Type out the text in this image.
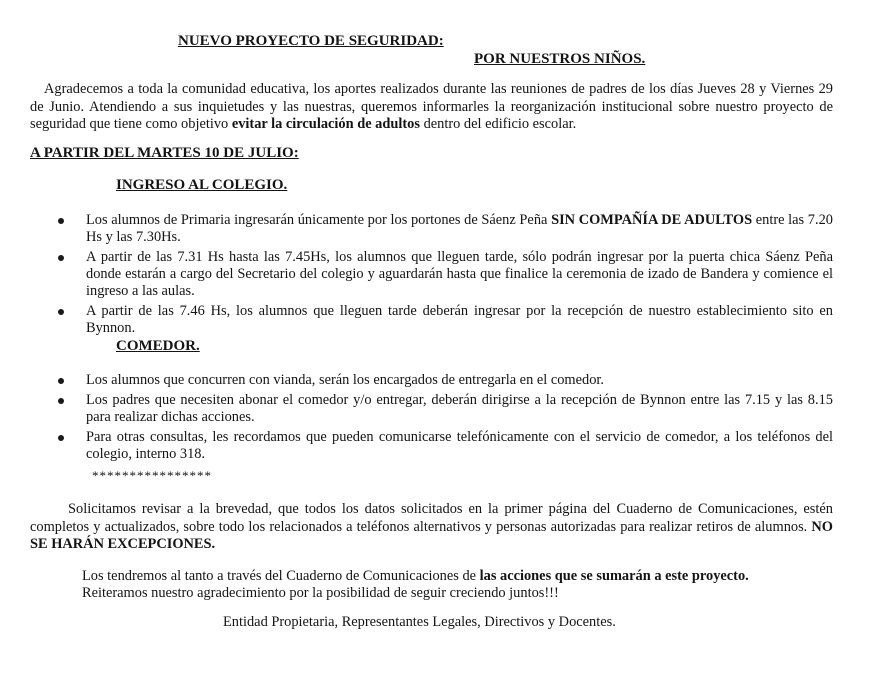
NUEVO PROYECTO DE SEGURIDAD:
POR NUESTROS NIÑOS.
Agradecemos a toda la comunidad educativa, los aportes realizados durante las reuniones de padres de los días Jueves 28 y Viernes 29 de Junio. Atendiendo a sus inquietudes y las nuestras, queremos informarles la reorganización institucional sobre nuestro proyecto de seguridad que tiene como objetivo evitar la circulación de adultos dentro del edificio escolar.
A PARTIR DEL MARTES 10 DE JULIO:
INGRESO AL COLEGIO.
Los alumnos de Primaria ingresarán únicamente por los portones de Sáenz Peña SIN COMPAÑÍA DE ADULTOS entre las 7.20 Hs y las 7.30Hs.
A partir de las 7.31 Hs hasta las 7.45Hs, los alumnos que lleguen tarde, sólo podrán ingresar por la puerta chica Sáenz Peña donde estarán a cargo del Secretario del colegio y aguardarán hasta que finalice la ceremonia de izado de Bandera y comience el ingreso a las aulas.
A partir de las 7.46 Hs, los alumnos que lleguen tarde deberán ingresar por la recepción de nuestro establecimiento sito en Bynnon.
COMEDOR.
Los alumnos que concurren con vianda, serán los encargados de entregarla en el comedor.
Los padres que necesiten abonar el comedor y/o entregar, deberán dirigirse a la recepción de Bynnon entre las 7.15 y las 8.15 para realizar dichas acciones.
Para otras consultas, les recordamos que pueden comunicarse telefónicamente con el servicio de comedor, a los teléfonos del colegio, interno 318.
****************
Solicitamos revisar a la brevedad, que todos los datos solicitados en la primer página del Cuaderno de Comunicaciones, estén completos y actualizados, sobre todo los relacionados a teléfonos alternativos y personas autorizadas para realizar retiros de alumnos. NO SE HARÁN EXCEPCIONES.
Los tendremos al tanto a través del Cuaderno de Comunicaciones de las acciones que se sumarán a este proyecto.
Reiteramos nuestro agradecimiento por la posibilidad de seguir creciendo juntos!!!
Entidad Propietaria, Representantes Legales, Directivos y Docentes.
